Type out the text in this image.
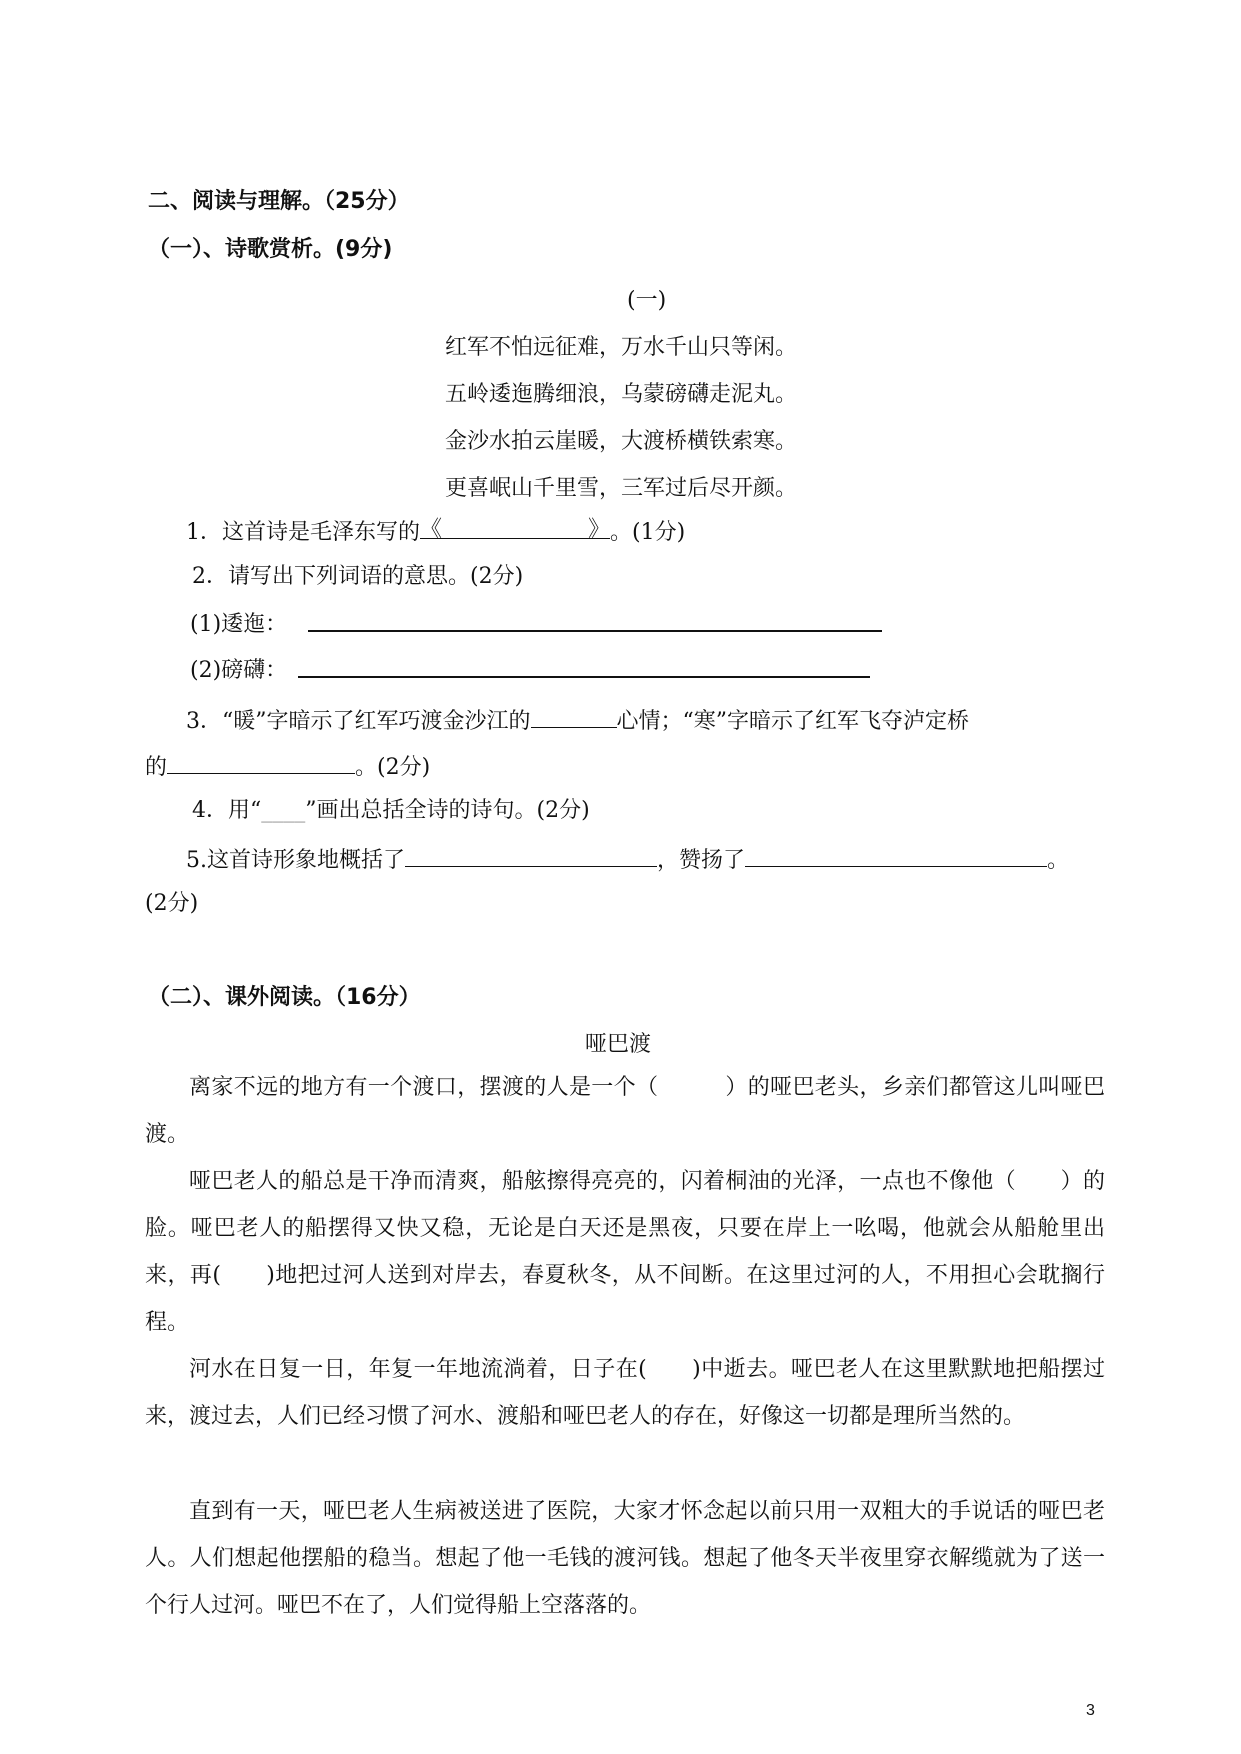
二、阅读与理解。（25分）
（一）、诗歌赏析。(9分)
(一)
红军不怕远征难，万水千山只等闲。
五岭逶迤腾细浪，乌蒙磅礴走泥丸。
金沙水拍云崖暖，大渡桥横铁索寒。
更喜岷山千里雪，三军过后尽开颜。
1．这首诗是毛泽东写的 《	》 。(1分)
2．请写出下列词语的意思。(2分)
(1)逶迤：
(2)磅礴：
3．“暖”字暗示了红军巧渡金沙江的	心情；“寒”字暗示了红军飞夺泸定桥
的	。(2分)
4．用“____”画出总括全诗的诗句。(2分)
5.这首诗形象地概括了	，赞扬了	。
(2分)
（二）、课外阅读。（16分）
哑巴渡
离家不远的地方有一个渡口，摆渡的人是一个（　　　）的哑巴老头，乡亲们都管这儿叫哑巴渡。
哑巴老人的船总是干净而清爽，船舷擦得亮亮的，闪着桐油的光泽，一点也不像他（　　）的脸。哑巴老人的船摆得又快又稳，无论是白天还是黑夜，只要在岸上一吆喝，他就会从船舱里出来，再(　　)地把过河人送到对岸去，春夏秋冬，从不间断。在这里过河的人，不用担心会耽搁行程。
河水在日复一日，年复一年地流淌着，日子在(　　)中逝去。哑巴老人在这里默默地把船摆过来，渡过去，人们已经习惯了河水、渡船和哑巴老人的存在，好像这一切都是理所当然的。
直到有一天，哑巴老人生病被送进了医院，大家才怀念起以前只用一双粗大的手说话的哑巴老人。人们想起他摆船的稳当。想起了他一毛钱的渡河钱。想起了他冬天半夜里穿衣解缆就为了送一个行人过河。哑巴不在了，人们觉得船上空落落的。
3
